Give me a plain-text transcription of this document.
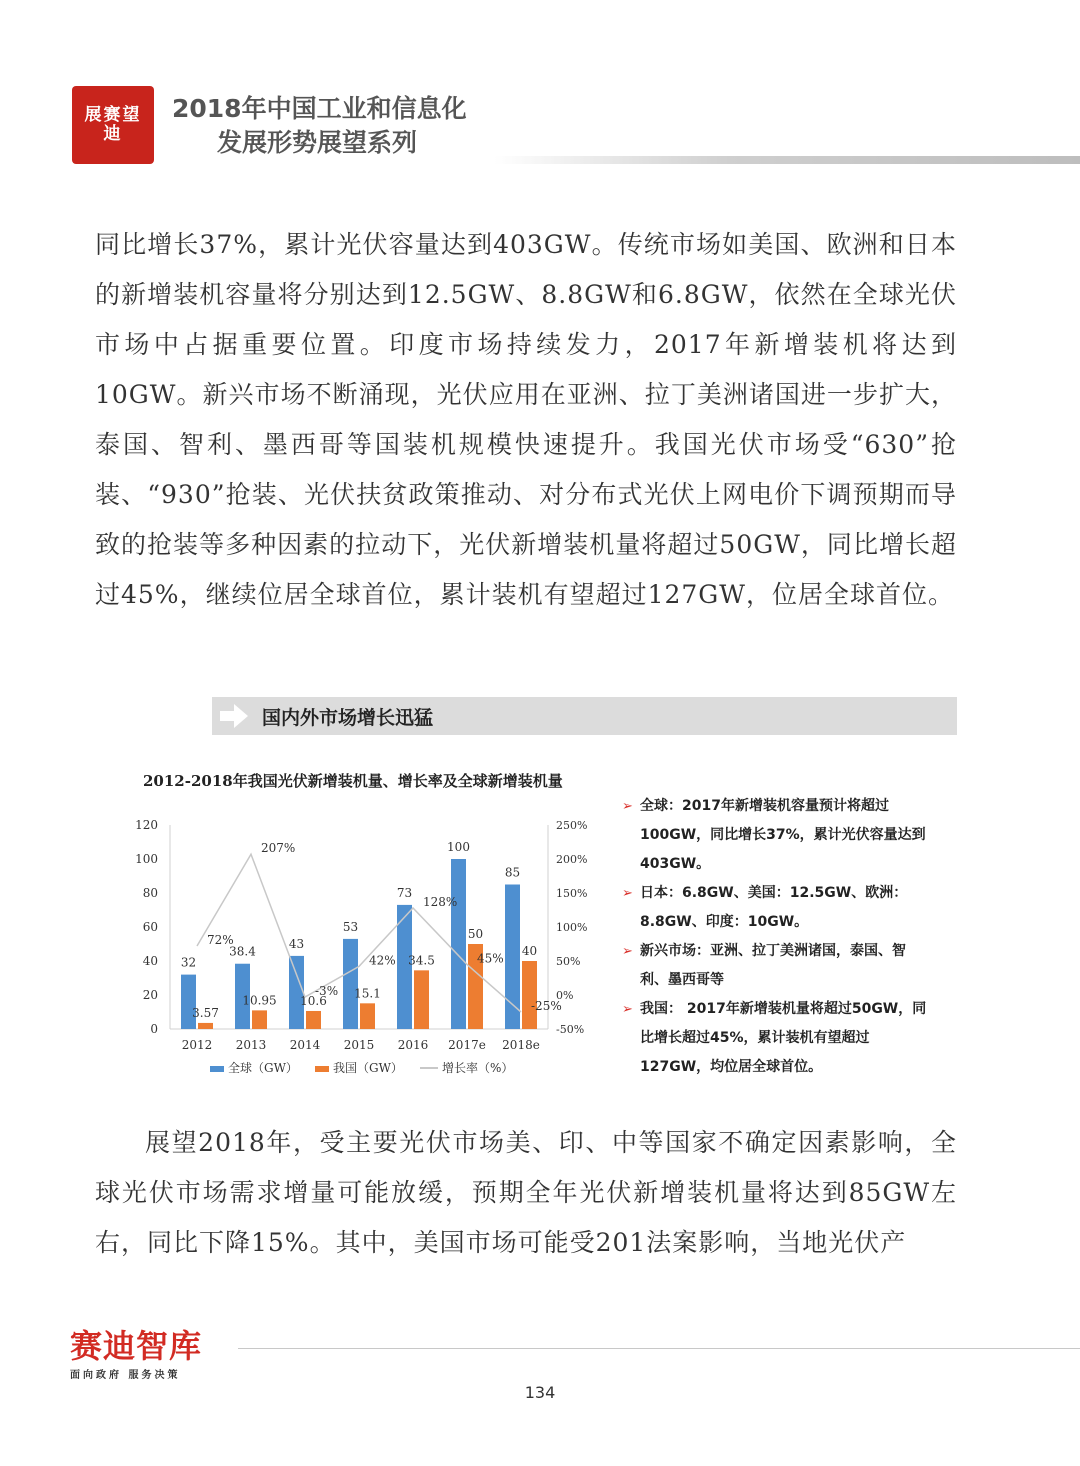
展赛望迪
2018年中国工业和信息化
发展形势展望系列

同比增长37%，累计光伏容量达到403GW。传统市场如美国、欧洲和日本的新增装机容量将分别达到12.5GW、8.8GW和6.8GW，依然在全球光伏市场中占据重要位置。印度市场持续发力，2017年新增装机将达到10GW。新兴市场不断涌现，光伏应用在亚洲、拉丁美洲诸国进一步扩大，泰国、智利、墨西哥等国装机规模快速提升。我国光伏市场受“630”抢装、“930”抢装、光伏扶贫政策推动、对分布式光伏上网电价下调预期而导致的抢装等多种因素的拉动下，光伏新增装机量将超过50GW，同比增长超过45%，继续位居全球首位，累计装机有望超过127GW，位居全球首位。

国内外市场增长迅猛
2012-2018年我国光伏新增装机量、增长率及全球新增装机量
0
20
40
60
80
100
120
-50%
0%
50%
100%
150%
200%
250%
32
3.57
2012
38.4
10.95
2013
43
10.6
2014
53
15.1
2015
73
34.5
2016
100
50
2017e
85
40
2018e
72%
207%
-3%
42%
128%
45%
-25%
全球（GW）	我国（GW）	增长率（%）
➢ 全球：2017年新增装机容量预计将超过100GW，同比增长37%，累计光伏容量达到403GW。
➢ 日本：6.8GW、美国：12.5GW、欧洲：8.8GW、印度：10GW。
➢ 新兴市场：亚洲、拉丁美洲诸国，泰国、智利、墨西哥等
➢ 我国： 2017年新增装机量将超过50GW，同比增长超过45%，累计装机有望超过127GW，均位居全球首位。

展望2018年，受主要光伏市场美、印、中等国家不确定因素影响，全球光伏市场需求增量可能放缓，预期全年光伏新增装机量将达到85GW左右，同比下降15%。其中，美国市场可能受201法案影响，当地光伏产

赛迪智库
面向政府 服务决策
134
